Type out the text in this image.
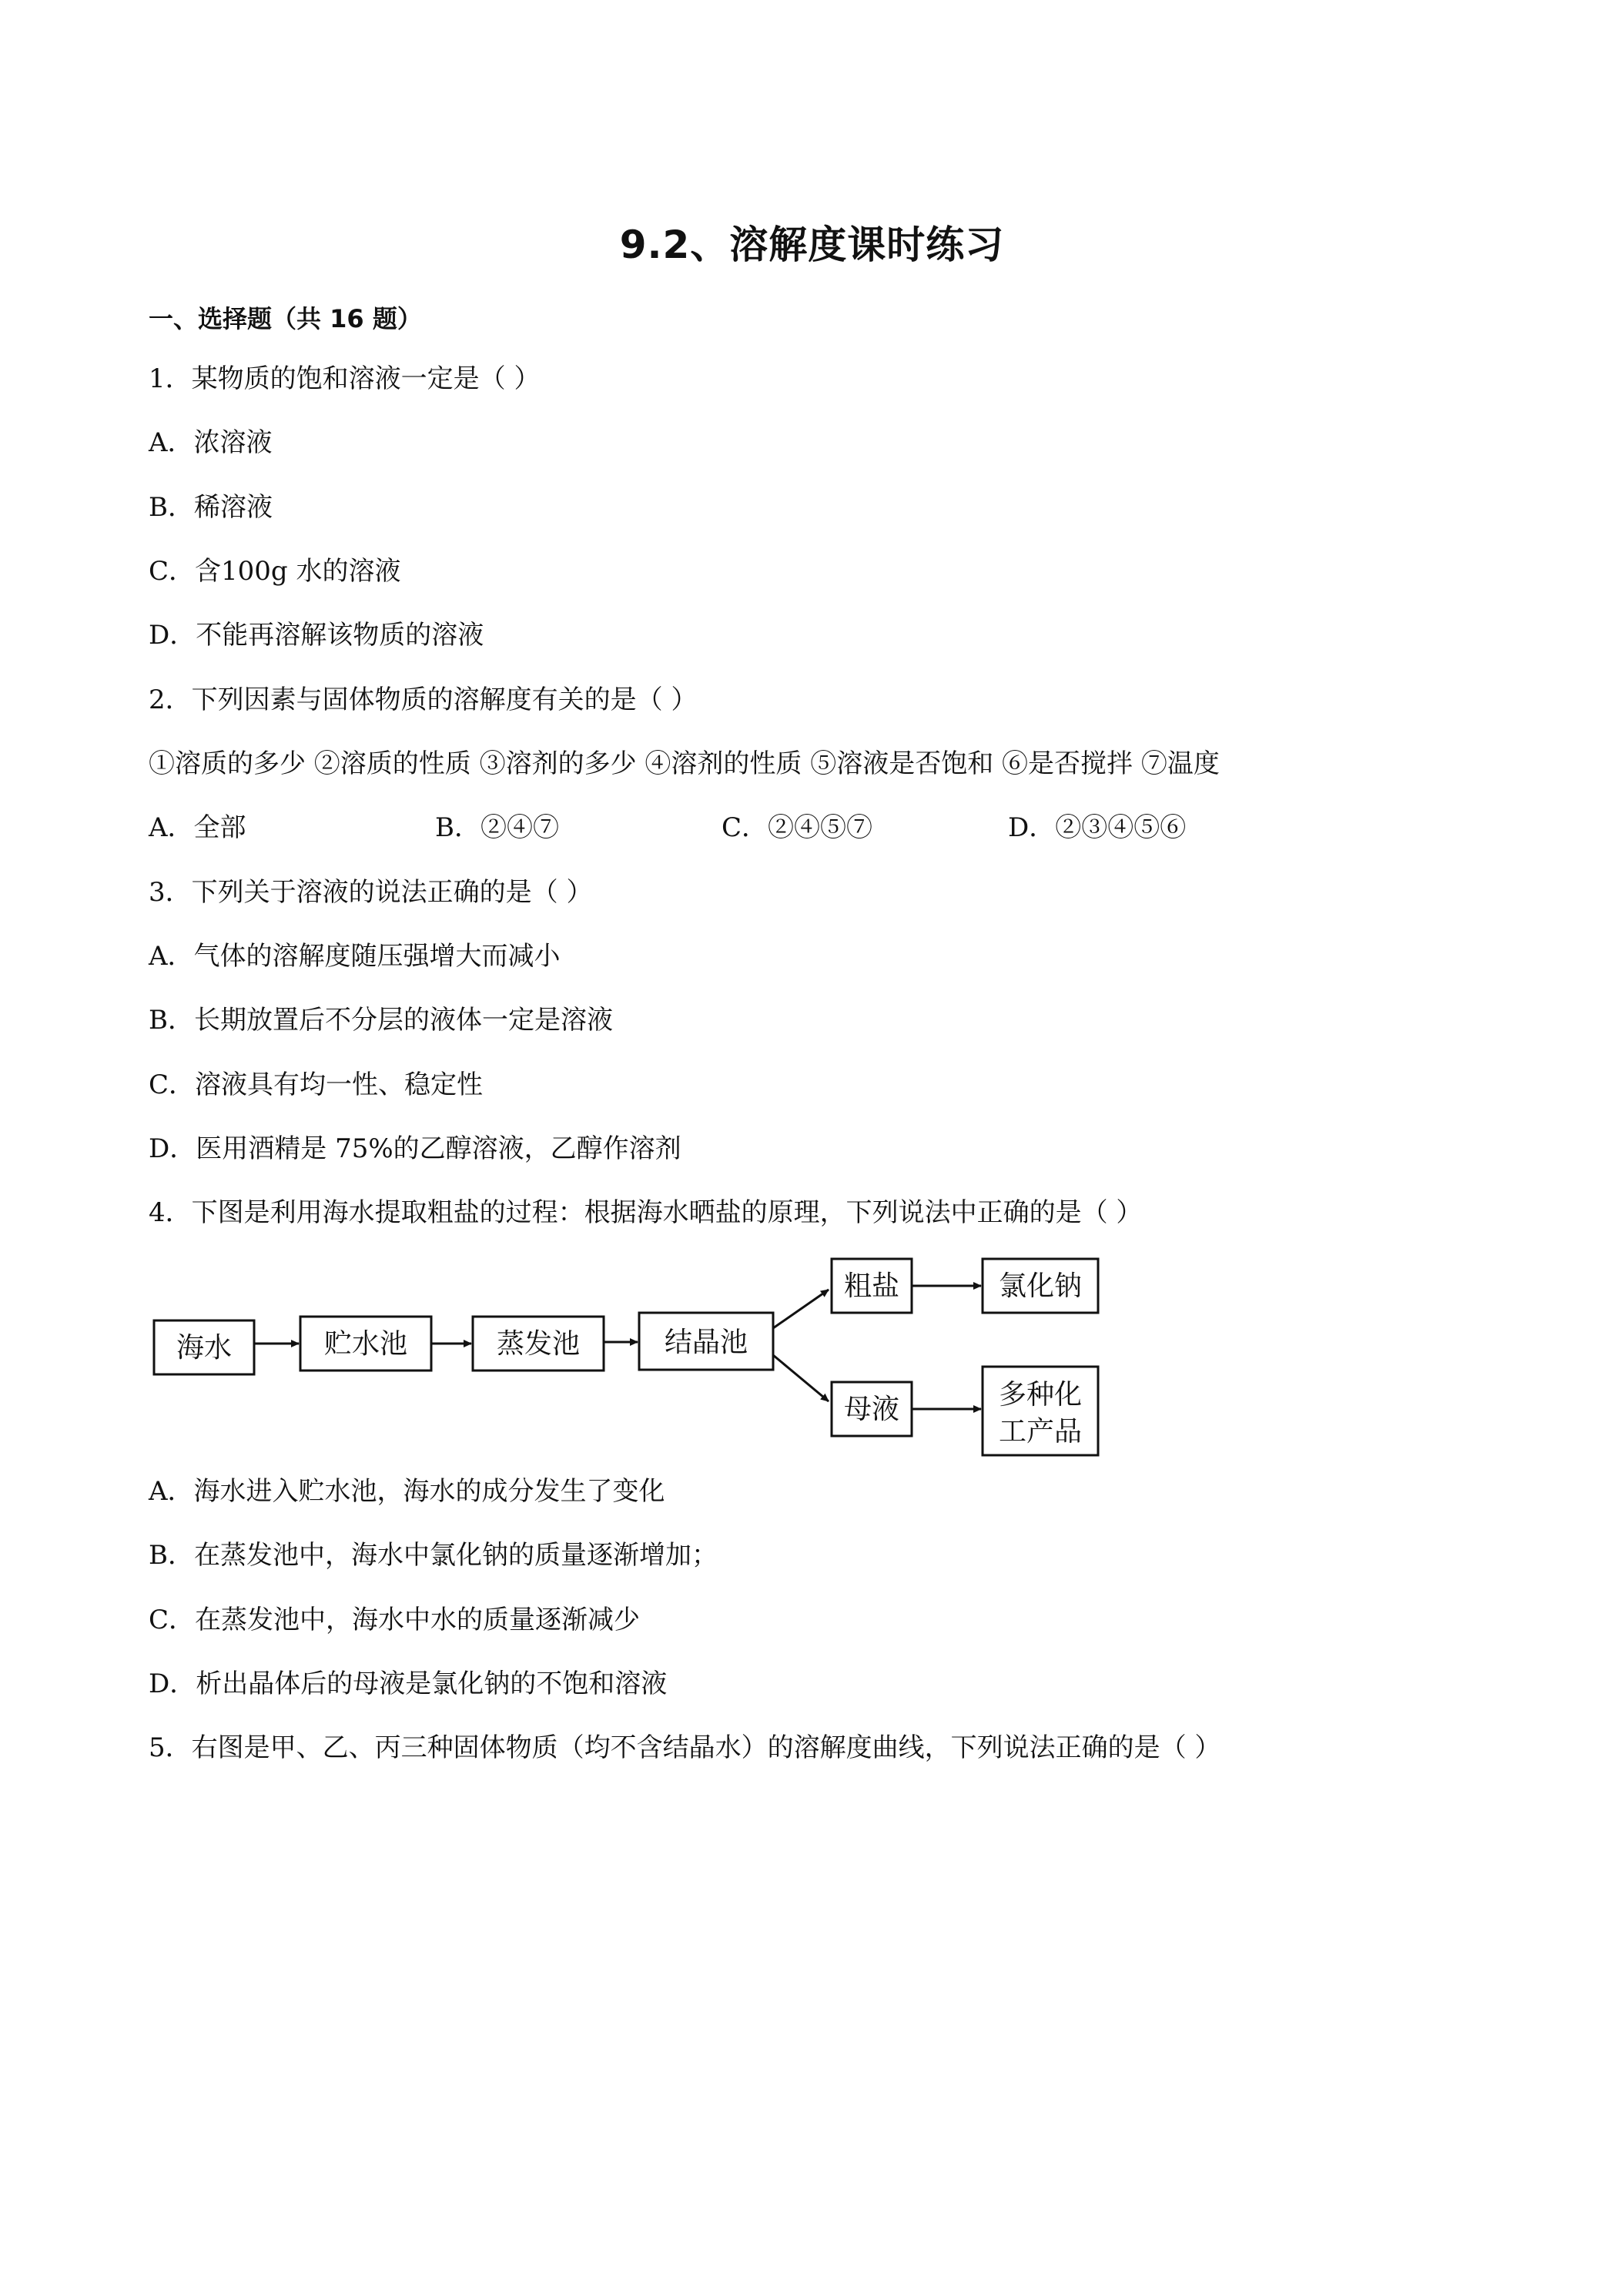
9.2、溶解度课时练习
一、选择题（共 16 题）
1．某物质的饱和溶液一定是（ ）
A．浓溶液
B．稀溶液
C．含100g 水的溶液
D．不能再溶解该物质的溶液
2．下列因素与固体物质的溶解度有关的是（ ）
①溶质的多少 ②溶质的性质 ③溶剂的多少 ④溶剂的性质 ⑤溶液是否饱和 ⑥是否搅拌 ⑦温度
A．全部	B．②④⑦	C．②④⑤⑦	D．②③④⑤⑥
3．下列关于溶液的说法正确的是（ ）
A．气体的溶解度随压强增大而减小
B．长期放置后不分层的液体一定是溶液
C．溶液具有均一性、稳定性
D．医用酒精是 75%的乙醇溶液，乙醇作溶剂
4．下图是利用海水提取粗盐的过程：根据海水晒盐的原理，下列说法中正确的是（ ）
海水	贮水池	蒸发池	结晶池
粗盐	氯化钠
母液	多种化
工产品
A．海水进入贮水池，海水的成分发生了变化
B．在蒸发池中，海水中氯化钠的质量逐渐增加；
C．在蒸发池中，海水中水的质量逐渐减少
D．析出晶体后的母液是氯化钠的不饱和溶液
5．右图是甲、乙、丙三种固体物质（均不含结晶水）的溶解度曲线，下列说法正确的是（ ）
